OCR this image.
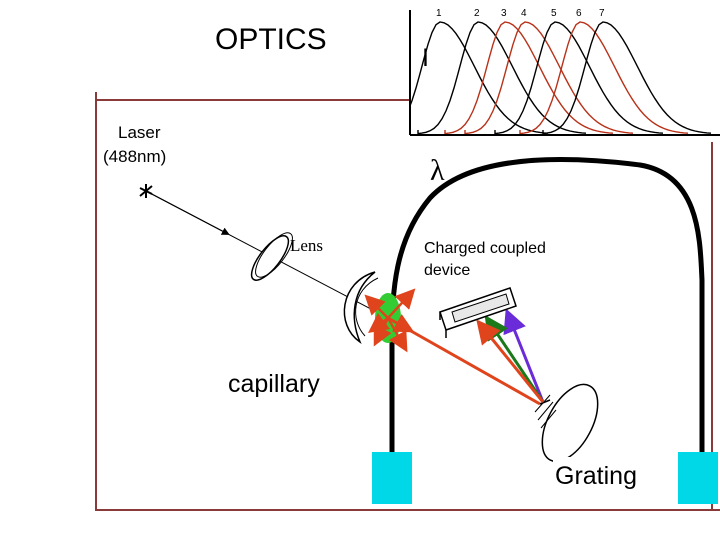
OPTICS
I
1	2 3 4 5 6 7
λ
Laser
(488nm)
Lens	Charged coupled
device
capillary
Grating
